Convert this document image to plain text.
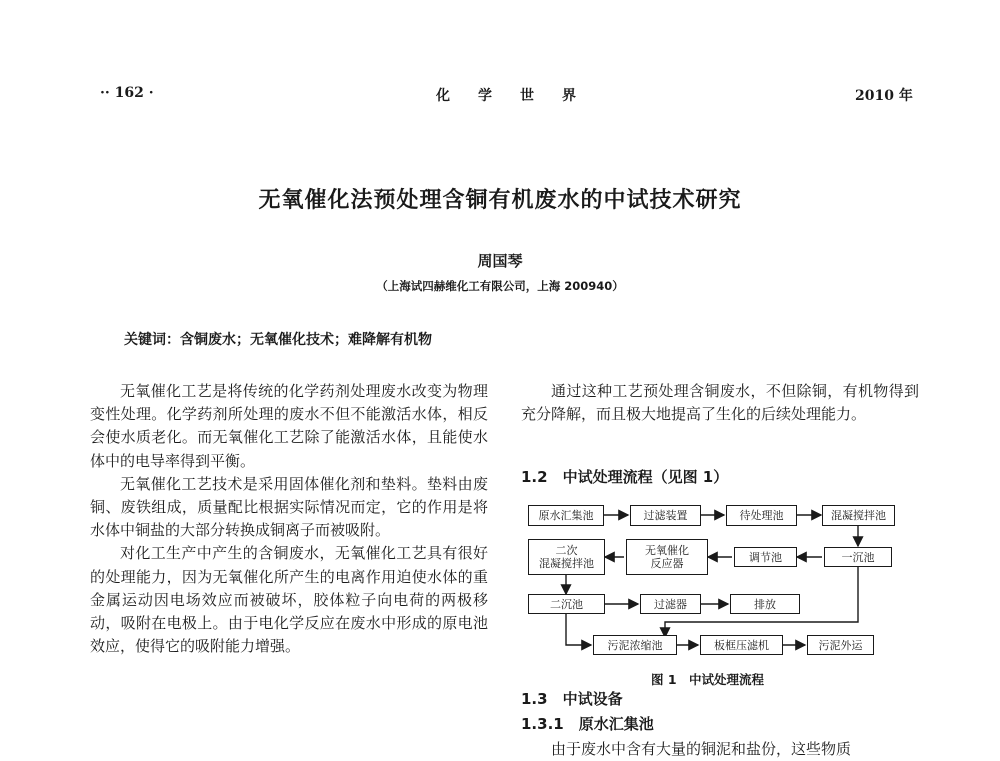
·· 162 ·	化学世界	2010 年
无氧催化法预处理含铜有机废水的中试技术研究
周国琴
（上海试四赫维化工有限公司，上海 200940）
关键词：含铜废水；无氧催化技术；难降解有机物

无氧催化工艺是将传统的化学药剂处理废水改变为物理变性处理。化学药剂所处理的废水不但不能激活水体，相反会使水质老化。而无氧催化工艺除了能激活水体，且能使水体中的电导率得到平衡。

无氧催化工艺技术是采用固体催化剂和垫料。垫料由废铜、废铁组成，质量配比根据实际情况而定，它的作用是将水体中铜盐的大部分转换成铜离子而被吸附。

对化工生产中产生的含铜废水，无氧催化工艺具有很好的处理能力，因为无氧催化所产生的电离作用迫使水体的重金属运动因电场效应而被破坏，胶体粒子向电荷的两极移动，吸附在电极上。由于电化学反应在废水中形成的原电池效应，使得它的吸附能力增强。

通过这种工艺预处理含铜废水，不但除铜，有机物得到充分降解，而且极大地提高了生化的后续处理能力。

1.2　中试处理流程（见图 1）
原水汇集池	过滤装置	待处理池	混凝搅拌池
一沉池
调节池
无氧催化
反应器
二次
混凝搅拌池
二沉池	过滤器	排放
污泥浓缩池	板框压滤机	污泥外运
图 1　中试处理流程
1.3　中试设备
1.3.1　原水汇集池

由于废水中含有大量的铜泥和盐份，这些物质
